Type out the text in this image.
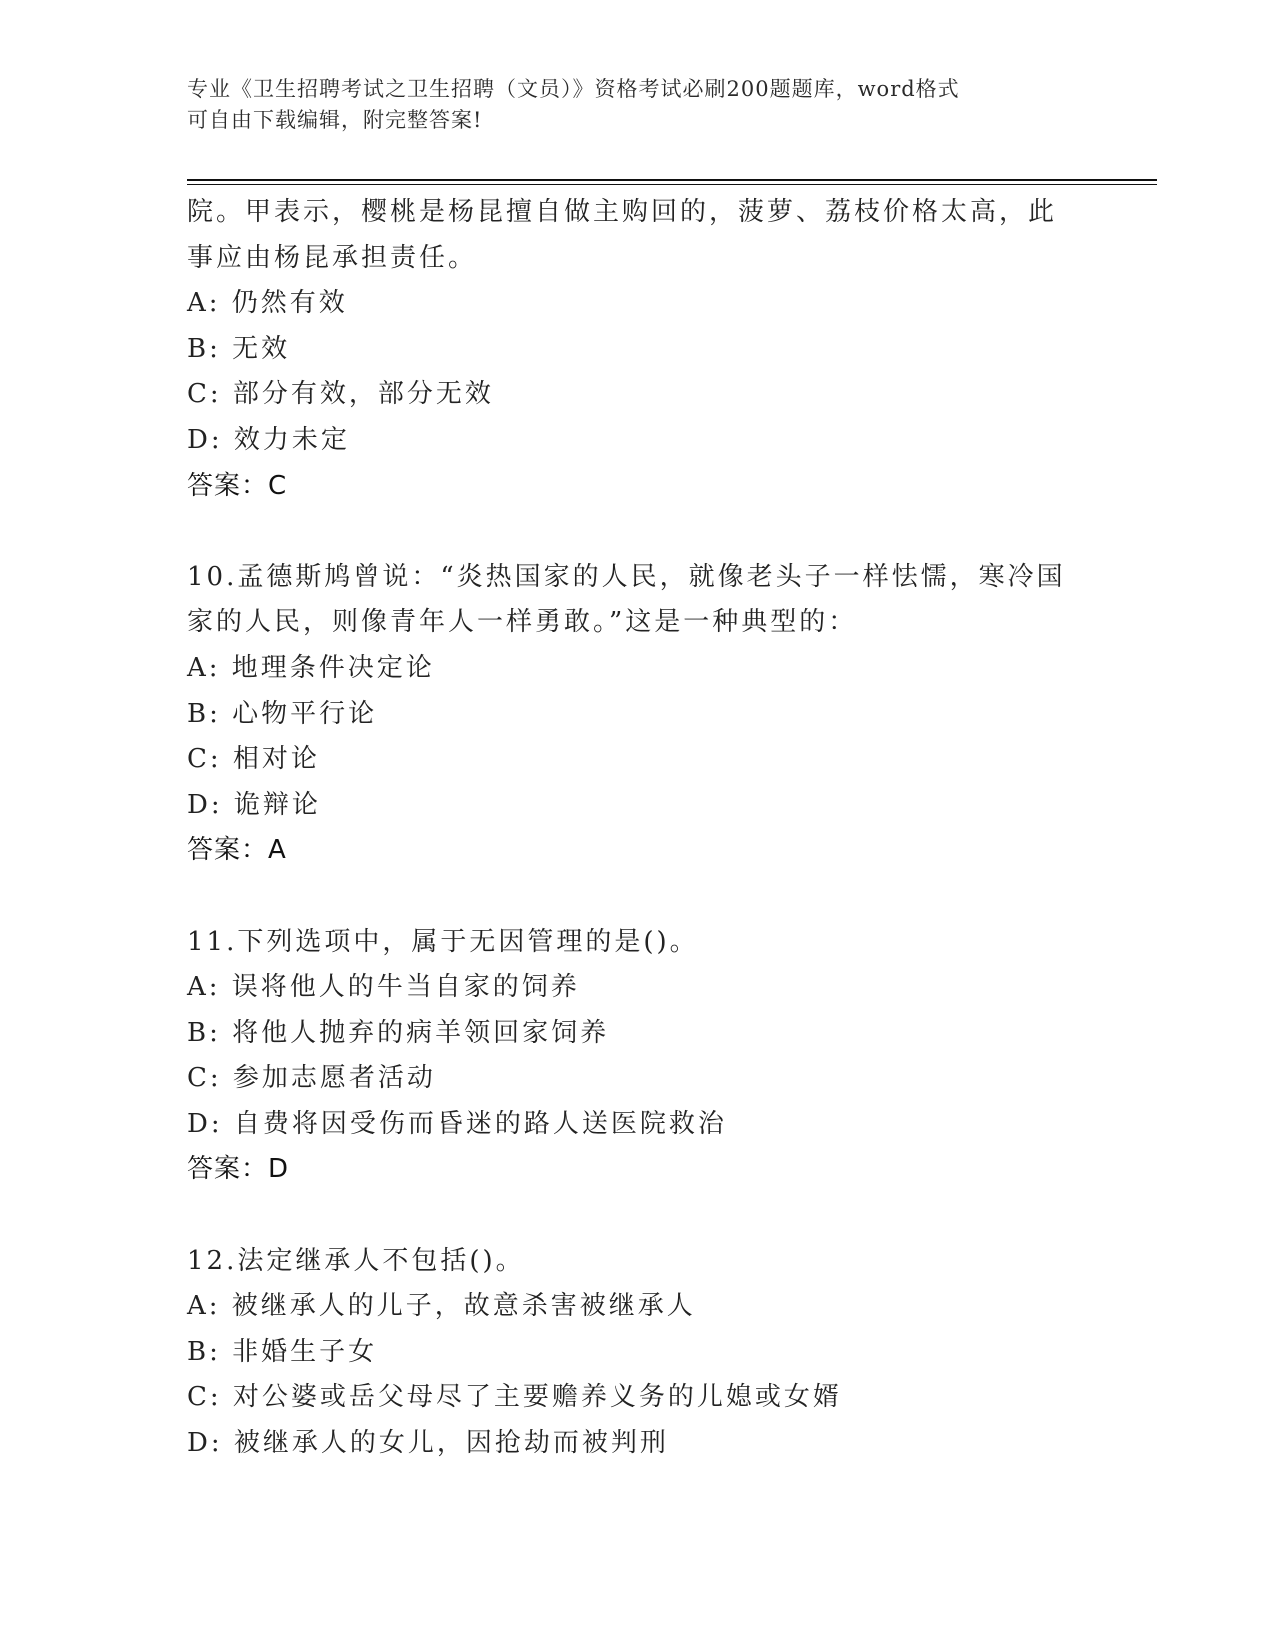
专业《卫生招聘考试之卫生招聘（文员）》资格考试必刷200题题库，word格式
可自由下载编辑，附完整答案!
院。甲表示，樱桃是杨昆擅自做主购回的，菠萝、荔枝价格太高，此
事应由杨昆承担责任。
A: 仍然有效
B: 无效
C: 部分有效，部分无效
D: 效力未定
答案：C
10.孟德斯鸠曾说：“炎热国家的人民，就像老头子一样怯懦，寒冷国
家的人民，则像青年人一样勇敢。”这是一种典型的：
A: 地理条件决定论
B: 心物平行论
C: 相对论
D: 诡辩论
答案：A
11.下列选项中，属于无因管理的是()。
A: 误将他人的牛当自家的饲养
B: 将他人抛弃的病羊领回家饲养
C: 参加志愿者活动
D: 自费将因受伤而昏迷的路人送医院救治
答案：D
12.法定继承人不包括()。
A: 被继承人的儿子，故意杀害被继承人
B: 非婚生子女
C: 对公婆或岳父母尽了主要赡养义务的儿媳或女婿
D: 被继承人的女儿，因抢劫而被判刑
